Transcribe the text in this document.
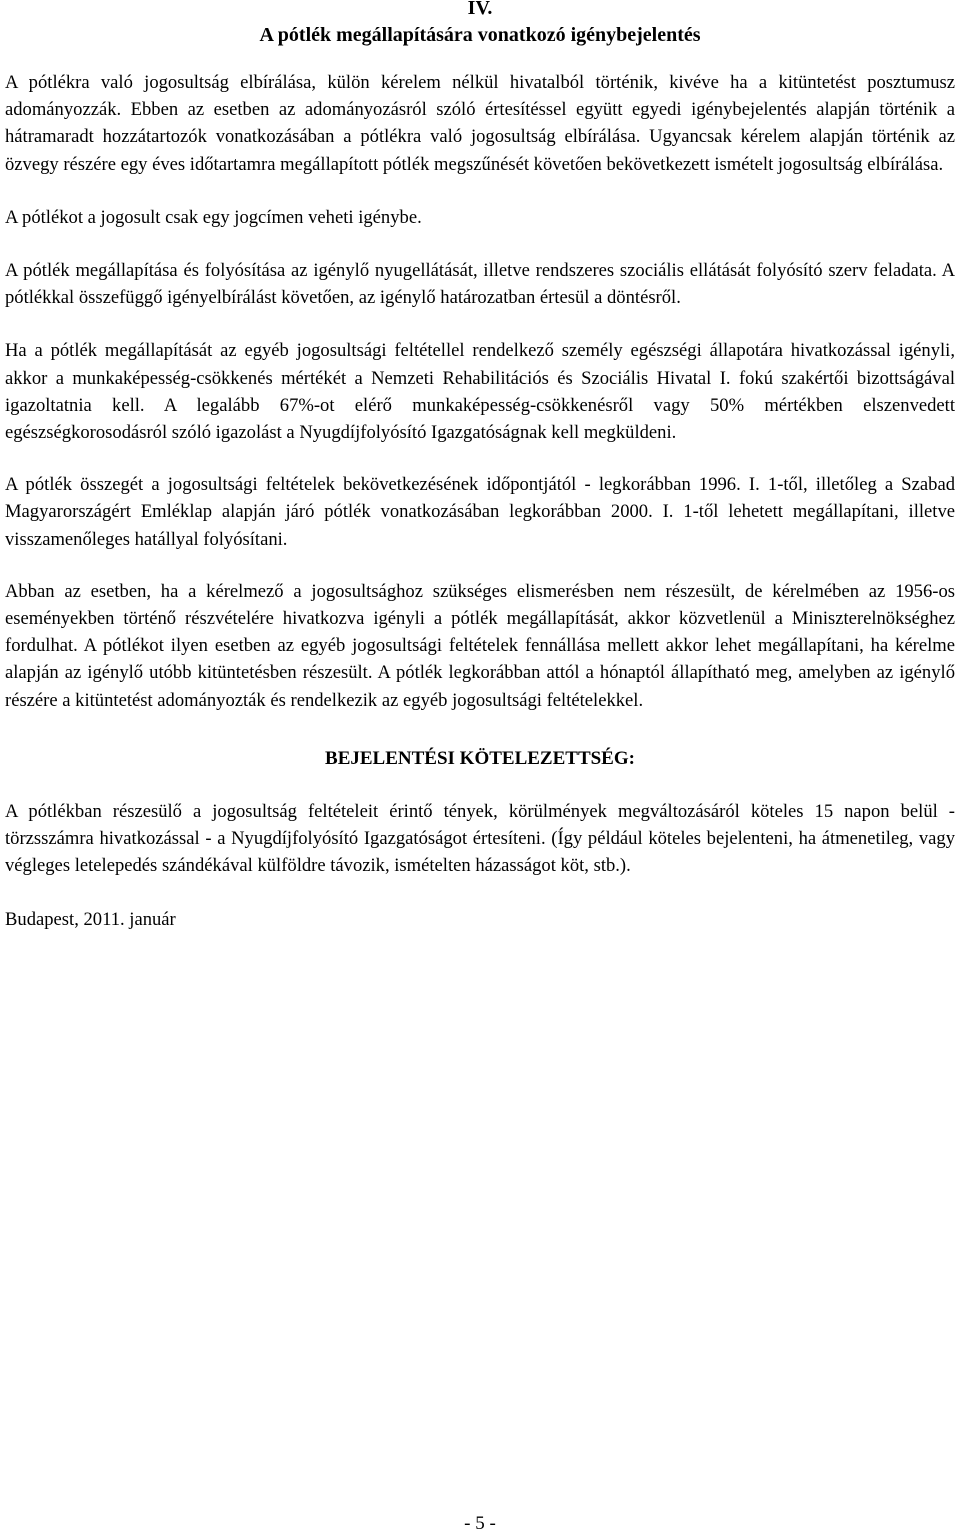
IV.
A pótlék megállapítására vonatkozó igénybejelentés

A pótlékra való jogosultság elbírálása, külön kérelem nélkül hivatalból történik, kivéve ha a kitüntetést posztumusz adományozzák. Ebben az esetben az adományozásról szóló értesítéssel együtt egyedi igénybejelentés alapján történik a hátramaradt hozzátartozók vonatkozásában a pótlékra való jogosultság elbírálása. Ugyancsak kérelem alapján történik az özvegy részére egy éves időtartamra megállapított pótlék megszűnését követően bekövetkezett ismételt jogosultság elbírálása.

A pótlékot a jogosult csak egy jogcímen veheti igénybe.

A pótlék megállapítása és folyósítása az igénylő nyugellátását, illetve rendszeres szociális ellátását folyósító szerv feladata. A pótlékkal összefüggő igényelbírálást követően, az igénylő határozatban értesül a döntésről.

Ha a pótlék megállapítását az egyéb jogosultsági feltétellel rendelkező személy egészségi állapotára hivatkozással igényli, akkor a munkaképesség-csökkenés mértékét a Nemzeti Rehabilitációs és Szociális Hivatal I. fokú szakértői bizottságával igazoltatnia kell. A legalább 67%-ot elérő munkaképesség-csökkenésről vagy 50% mértékben elszenvedett egészségkorosodásról szóló igazolást a Nyugdíjfolyósító Igazgatóságnak kell megküldeni.

A pótlék összegét a jogosultsági feltételek bekövetkezésének időpontjától - legkorábban 1996. I. 1-től, illetőleg a Szabad Magyarországért Emléklap alapján járó pótlék vonatkozásában legkorábban 2000. I. 1-től lehetett megállapítani, illetve visszamenőleges hatállyal folyósítani.

Abban az esetben, ha a kérelmező a jogosultsághoz szükséges elismerésben nem részesült, de kérelmében az 1956-os eseményekben történő részvételére hivatkozva igényli a pótlék megállapítását, akkor közvetlenül a Miniszterelnökséghez fordulhat. A pótlékot ilyen esetben az egyéb jogosultsági feltételek fennállása mellett akkor lehet megállapítani, ha kérelme alapján az igénylő utóbb kitüntetésben részesült. A pótlék legkorábban attól a hónaptól állapítható meg, amelyben az igénylő részére a kitüntetést adományozták és rendelkezik az egyéb jogosultsági feltételekkel.

BEJELENTÉSI KÖTELEZETTSÉG:

A pótlékban részesülő a jogosultság feltételeit érintő tények, körülmények megváltozásáról köteles 15 napon belül - törzsszámra hivatkozással - a Nyugdíjfolyósító Igazgatóságot értesíteni. (Így például köteles bejelenteni, ha átmenetileg, vagy végleges letelepedés szándékával külföldre távozik, ismételten házasságot köt, stb.).

Budapest, 2011. január

- 5 -
